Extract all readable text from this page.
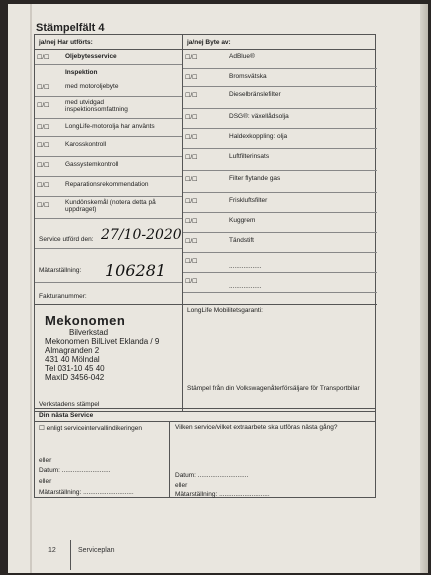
Stämpelfält 4
ja/nej Har utförts:	ja/nej Byte av:
☐/☐ Oljebytesservice
Inspektion
☐/☐ med motoroljebyte
☐/☐ med utvidgad inspektionsomfattning
☐/☐ LongLife-motorolja har använts
☐/☐ Karosskontroll
☐/☐ Gassystemkontroll
☐/☐ Reparationsrekommendation
☐/☐ Kundönskemål (notera detta på uppdraget)
☐/☐	AdBlue®
☐/☐	Bromsvätska
☐/☐	Dieselbränslefilter
☐/☐	DSG®: växellådsolja
☐/☐	Haldexkoppling: olja
☐/☐	Luftfilterinsats
☐/☐	Filter flytande gas
☐/☐	Friskluftsfilter
☐/☐	Kuggrem
☐/☐	Tändstift
☐/☐
..................
☐/☐
..................
Service utförd den: 27/10-2020
Mätarställning: 106281
Fakturanummer:
Mekonomen
Bilverkstad
Mekonomen BilLivet Eklanda / 9
Almagranden 2
431 40 Mölndal
Tel 031-10 45 40
MaxID 3456-042
Verkstadens stämpel
LongLife Mobilitetsgaranti:
Stämpel från din Volkswagenåterförsäljare för Transportbilar
Din nästa Service
☐ enligt serviceintervallindikeringen
eller
Datum: ...........................
eller
Mätarställning: ............................
Vilken service/vilket extraarbete ska utföras nästa gång?
Datum: ............................
eller
Mätarställning: ............................
12	Serviceplan
